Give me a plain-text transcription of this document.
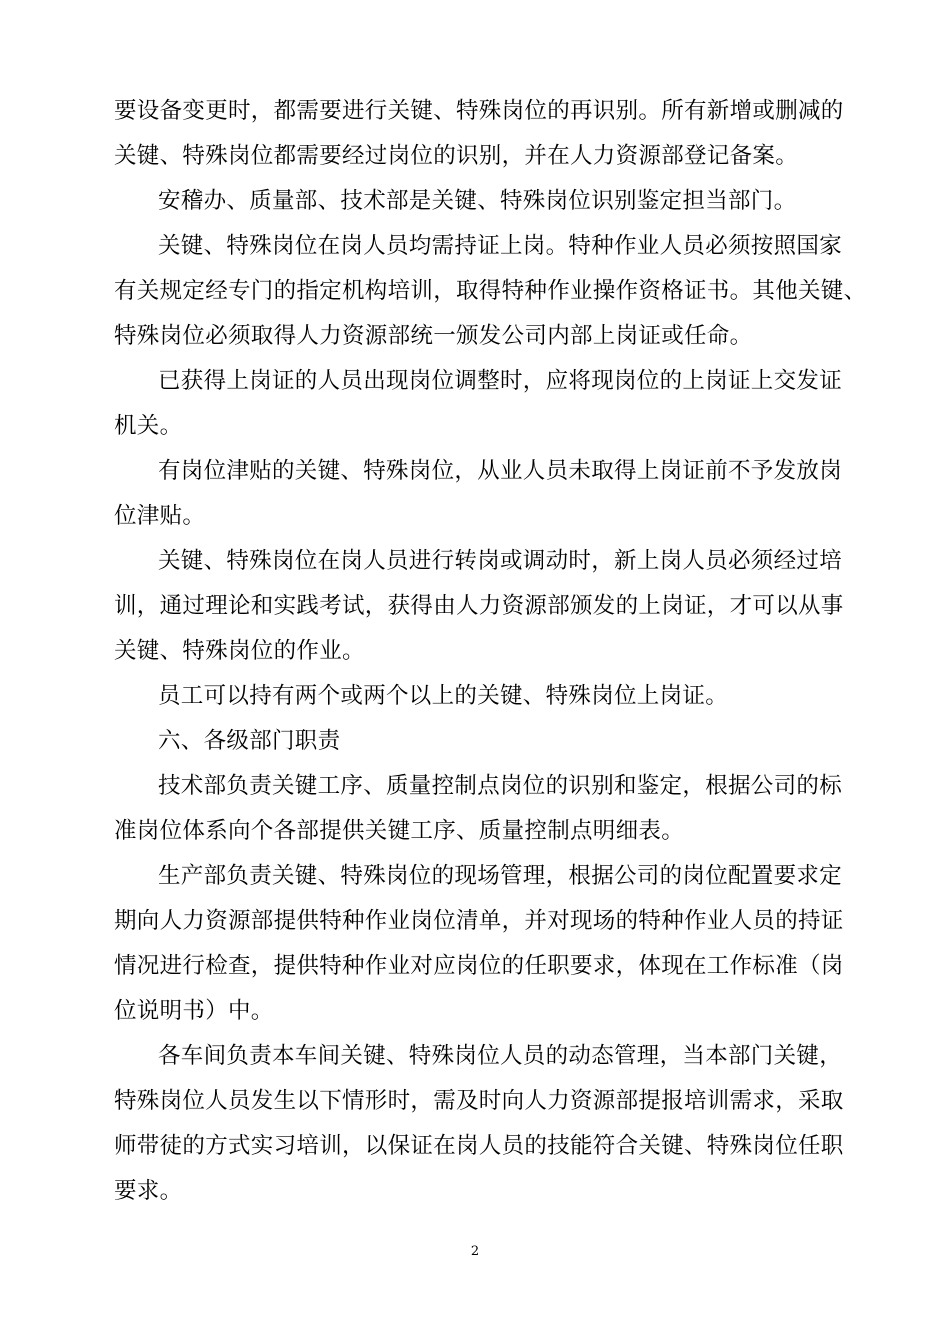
要设备变更时，都需要进行关键、特殊岗位的再识别。所有新增或删减的
关键、特殊岗位都需要经过岗位的识别，并在人力资源部登记备案。
安稽办、质量部、技术部是关键、特殊岗位识别鉴定担当部门。
关键、特殊岗位在岗人员均需持证上岗。特种作业人员必须按照国家
有关规定经专门的指定机构培训，取得特种作业操作资格证书。其他关键、
特殊岗位必须取得人力资源部统一颁发公司内部上岗证或任命。
已获得上岗证的人员出现岗位调整时，应将现岗位的上岗证上交发证
机关。
有岗位津贴的关键、特殊岗位，从业人员未取得上岗证前不予发放岗
位津贴。
关键、特殊岗位在岗人员进行转岗或调动时，新上岗人员必须经过培
训，通过理论和实践考试，获得由人力资源部颁发的上岗证，才可以从事
关键、特殊岗位的作业。
员工可以持有两个或两个以上的关键、特殊岗位上岗证。
六、各级部门职责
技术部负责关键工序、质量控制点岗位的识别和鉴定，根据公司的标
准岗位体系向个各部提供关键工序、质量控制点明细表。
生产部负责关键、特殊岗位的现场管理，根据公司的岗位配置要求定
期向人力资源部提供特种作业岗位清单，并对现场的特种作业人员的持证
情况进行检查，提供特种作业对应岗位的任职要求，体现在工作标准（岗
位说明书）中。
各车间负责本车间关键、特殊岗位人员的动态管理，当本部门关键，
特殊岗位人员发生以下情形时，需及时向人力资源部提报培训需求，采取
师带徒的方式实习培训，以保证在岗人员的技能符合关键、特殊岗位任职
要求。
2
